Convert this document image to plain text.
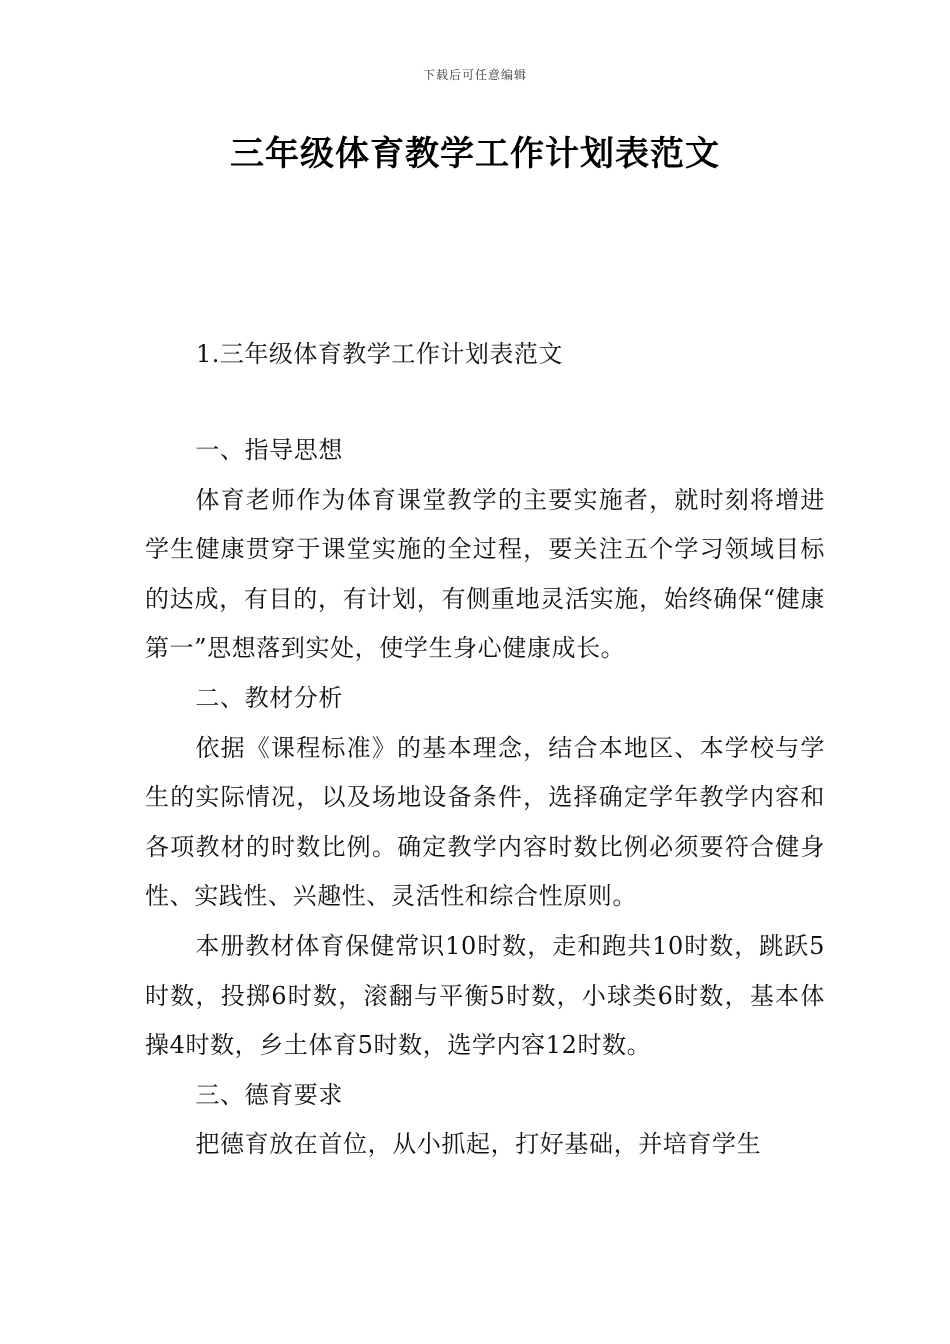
下载后可任意编辑
三年级体育教学工作计划表范文
1.三年级体育教学工作计划表范文

一、指导思想

体育老师作为体育课堂教学的主要实施者，就时刻将增进学生健康贯穿于课堂实施的全过程，要关注五个学习领域目标的达成，有目的，有计划，有侧重地灵活实施，始终确保“健康第一”思想落到实处，使学生身心健康成长。

二、教材分析

依据《课程标准》的基本理念，结合本地区、本学校与学生的实际情况，以及场地设备条件，选择确定学年教学内容和各项教材的时数比例。确定教学内容时数比例必须要符合健身性、实践性、兴趣性、灵活性和综合性原则。

本册教材体育保健常识10时数，走和跑共10时数，跳跃5时数，投掷6时数，滚翻与平衡5时数，小球类6时数，基本体操4时数，乡土体育5时数，选学内容12时数。

三、德育要求

把德育放在首位，从小抓起，打好基础，并培育学生
